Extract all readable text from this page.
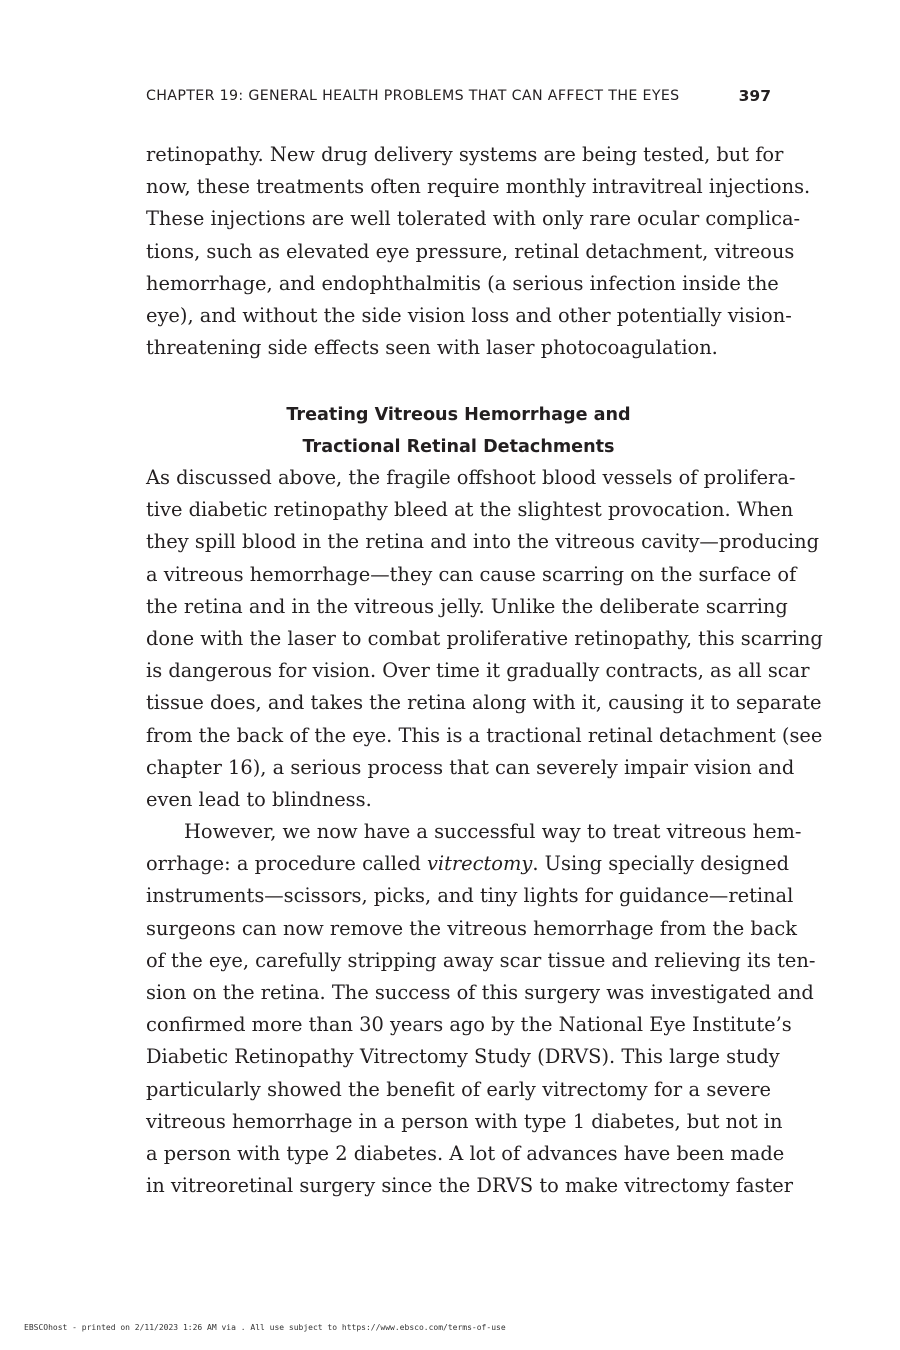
CHAPTER 19: GENERAL HEALTH PROBLEMS THAT CAN AFFECT THE EYES	397
retinopathy. New drug delivery systems are being tested, but for
now, these treatments often require monthly intravitreal injections.
These injections are well tolerated with only rare ocular complica-
tions, such as elevated eye pressure, retinal detachment, vitreous
hemorrhage, and endophthalmitis (a serious infection inside the
eye), and without the side vision loss and other potentially vision-
threatening side effects seen with laser photocoagulation.
Treating Vitreous Hemorrhage and
Tractional Retinal Detachments
As discussed above, the fragile offshoot blood vessels of prolifera-
tive diabetic retinopathy bleed at the slightest provocation. When
they spill blood in the retina and into the vitreous cavity—producing
a vitreous hemorrhage—they can cause scarring on the surface of
the retina and in the vitreous jelly. Unlike the deliberate scarring
done with the laser to combat proliferative retinopathy, this scarring
is dangerous for vision. Over time it gradually contracts, as all scar
tissue does, and takes the retina along with it, causing it to separate
from the back of the eye. This is a tractional retinal detachment (see
chapter 16), a serious process that can severely impair vision and
even lead to blindness.
However, we now have a successful way to treat vitreous hem-
orrhage: a procedure called vitrectomy. Using specially designed
instruments—scissors, picks, and tiny lights for guidance—retinal
surgeons can now remove the vitreous hemorrhage from the back
of the eye, carefully stripping away scar tissue and relieving its ten-
sion on the retina. The success of this surgery was investigated and
confirmed more than 30 years ago by the National Eye Institute’s
Diabetic Retinopathy Vitrectomy Study (DRVS). This large study
particularly showed the benefit of early vitrectomy for a severe
vitreous hemorrhage in a person with type 1 diabetes, but not in
a person with type 2 diabetes. A lot of advances have been made
in vitreoretinal surgery since the DRVS to make vitrectomy faster
EBSCOhost - printed on 2/11/2023 1:26 AM via . All use subject to https://www.ebsco.com/terms-of-use
